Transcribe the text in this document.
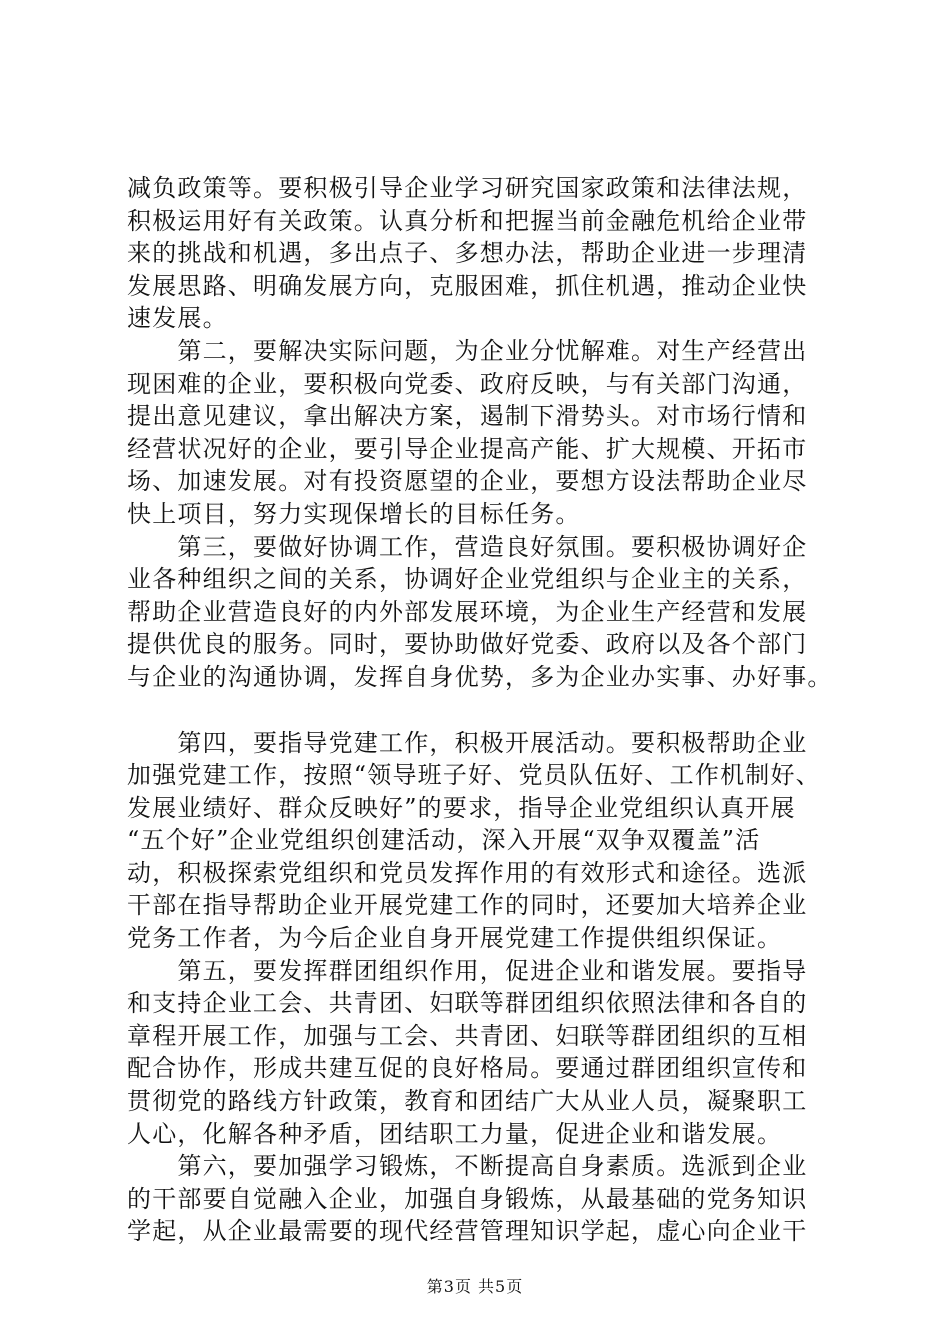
减负政策等。要积极引导企业学习研究国家政策和法律法规，
积极运用好有关政策。认真分析和把握当前金融危机给企业带
来的挑战和机遇，多出点子、多想办法，帮助企业进一步理清
发展思路、明确发展方向，克服困难，抓住机遇，推动企业快
速发展。

　　第二，要解决实际问题，为企业分忧解难。对生产经营出
现困难的企业，要积极向党委、政府反映，与有关部门沟通，
提出意见建议，拿出解决方案，遏制下滑势头。对市场行情和
经营状况好的企业，要引导企业提高产能、扩大规模、开拓市
场、加速发展。对有投资愿望的企业，要想方设法帮助企业尽
快上项目，努力实现保增长的目标任务。

　　第三，要做好协调工作，营造良好氛围。要积极协调好企
业各种组织之间的关系，协调好企业党组织与企业主的关系，
帮助企业营造良好的内外部发展环境，为企业生产经营和发展
提供优良的服务。同时，要协助做好党委、政府以及各个部门
与企业的沟通协调，发挥自身优势，多为企业办实事、办好事。

　　第四，要指导党建工作，积极开展活动。要积极帮助企业
加强党建工作，按照“领导班子好、党员队伍好、工作机制好、
发展业绩好、群众反映好”的要求，指导企业党组织认真开展
“五个好”企业党组织创建活动，深入开展“双争双覆盖”活
动，积极探索党组织和党员发挥作用的有效形式和途径。选派
干部在指导帮助企业开展党建工作的同时，还要加大培养企业
党务工作者，为今后企业自身开展党建工作提供组织保证。

　　第五，要发挥群团组织作用，促进企业和谐发展。要指导
和支持企业工会、共青团、妇联等群团组织依照法律和各自的
章程开展工作，加强与工会、共青团、妇联等群团组织的互相
配合协作，形成共建互促的良好格局。要通过群团组织宣传和
贯彻党的路线方针政策，教育和团结广大从业人员，凝聚职工
人心，化解各种矛盾，团结职工力量，促进企业和谐发展。

　　第六，要加强学习锻炼，不断提高自身素质。选派到企业
的干部要自觉融入企业，加强自身锻炼，从最基础的党务知识
学起，从企业最需要的现代经营管理知识学起，虚心向企业干

第3页 共5页
